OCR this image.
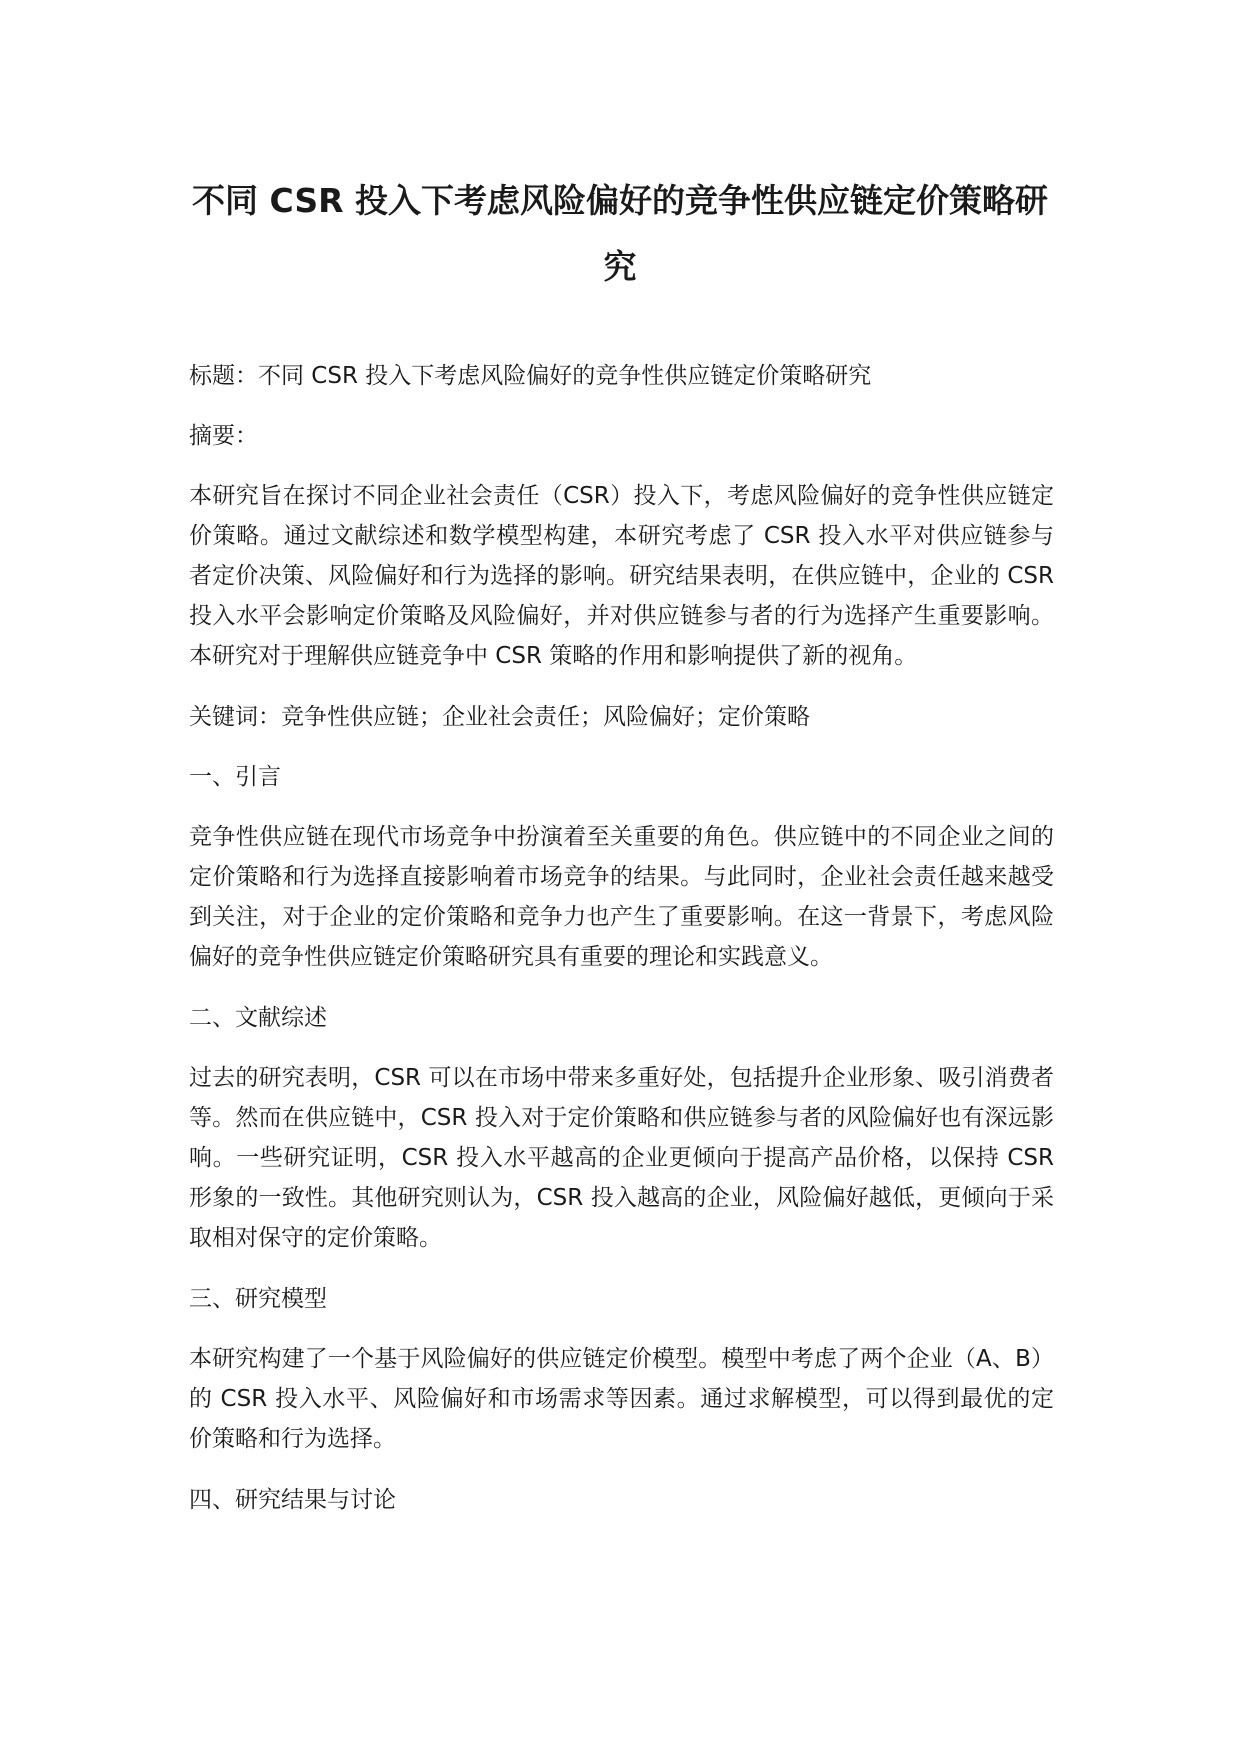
不同 CSR 投入下考虑风险偏好的竞争性供应链定价策略研
究

标题：不同 CSR 投入下考虑风险偏好的竞争性供应链定价策略研究

摘要：

本研究旨在探讨不同企业社会责任（CSR）投入下，考虑风险偏好的竞争性供应链定价策略。通过文献综述和数学模型构建，本研究考虑了 CSR 投入水平对供应链参与者定价决策、风险偏好和行为选择的影响。研究结果表明，在供应链中，企业的 CSR 投入水平会影响定价策略及风险偏好，并对供应链参与者的行为选择产生重要影响。本研究对于理解供应链竞争中 CSR 策略的作用和影响提供了新的视角。

关键词：竞争性供应链；企业社会责任；风险偏好；定价策略

一、引言

竞争性供应链在现代市场竞争中扮演着至关重要的角色。供应链中的不同企业之间的定价策略和行为选择直接影响着市场竞争的结果。与此同时，企业社会责任越来越受到关注，对于企业的定价策略和竞争力也产生了重要影响。在这一背景下，考虑风险偏好的竞争性供应链定价策略研究具有重要的理论和实践意义。

二、文献综述

过去的研究表明，CSR 可以在市场中带来多重好处，包括提升企业形象、吸引消费者等。然而在供应链中，CSR 投入对于定价策略和供应链参与者的风险偏好也有深远影响。一些研究证明，CSR 投入水平越高的企业更倾向于提高产品价格，以保持 CSR 形象的一致性。其他研究则认为，CSR 投入越高的企业，风险偏好越低，更倾向于采取相对保守的定价策略。

三、研究模型

本研究构建了一个基于风险偏好的供应链定价模型。模型中考虑了两个企业（A、B）的 CSR 投入水平、风险偏好和市场需求等因素。通过求解模型，可以得到最优的定价策略和行为选择。

四、研究结果与讨论
